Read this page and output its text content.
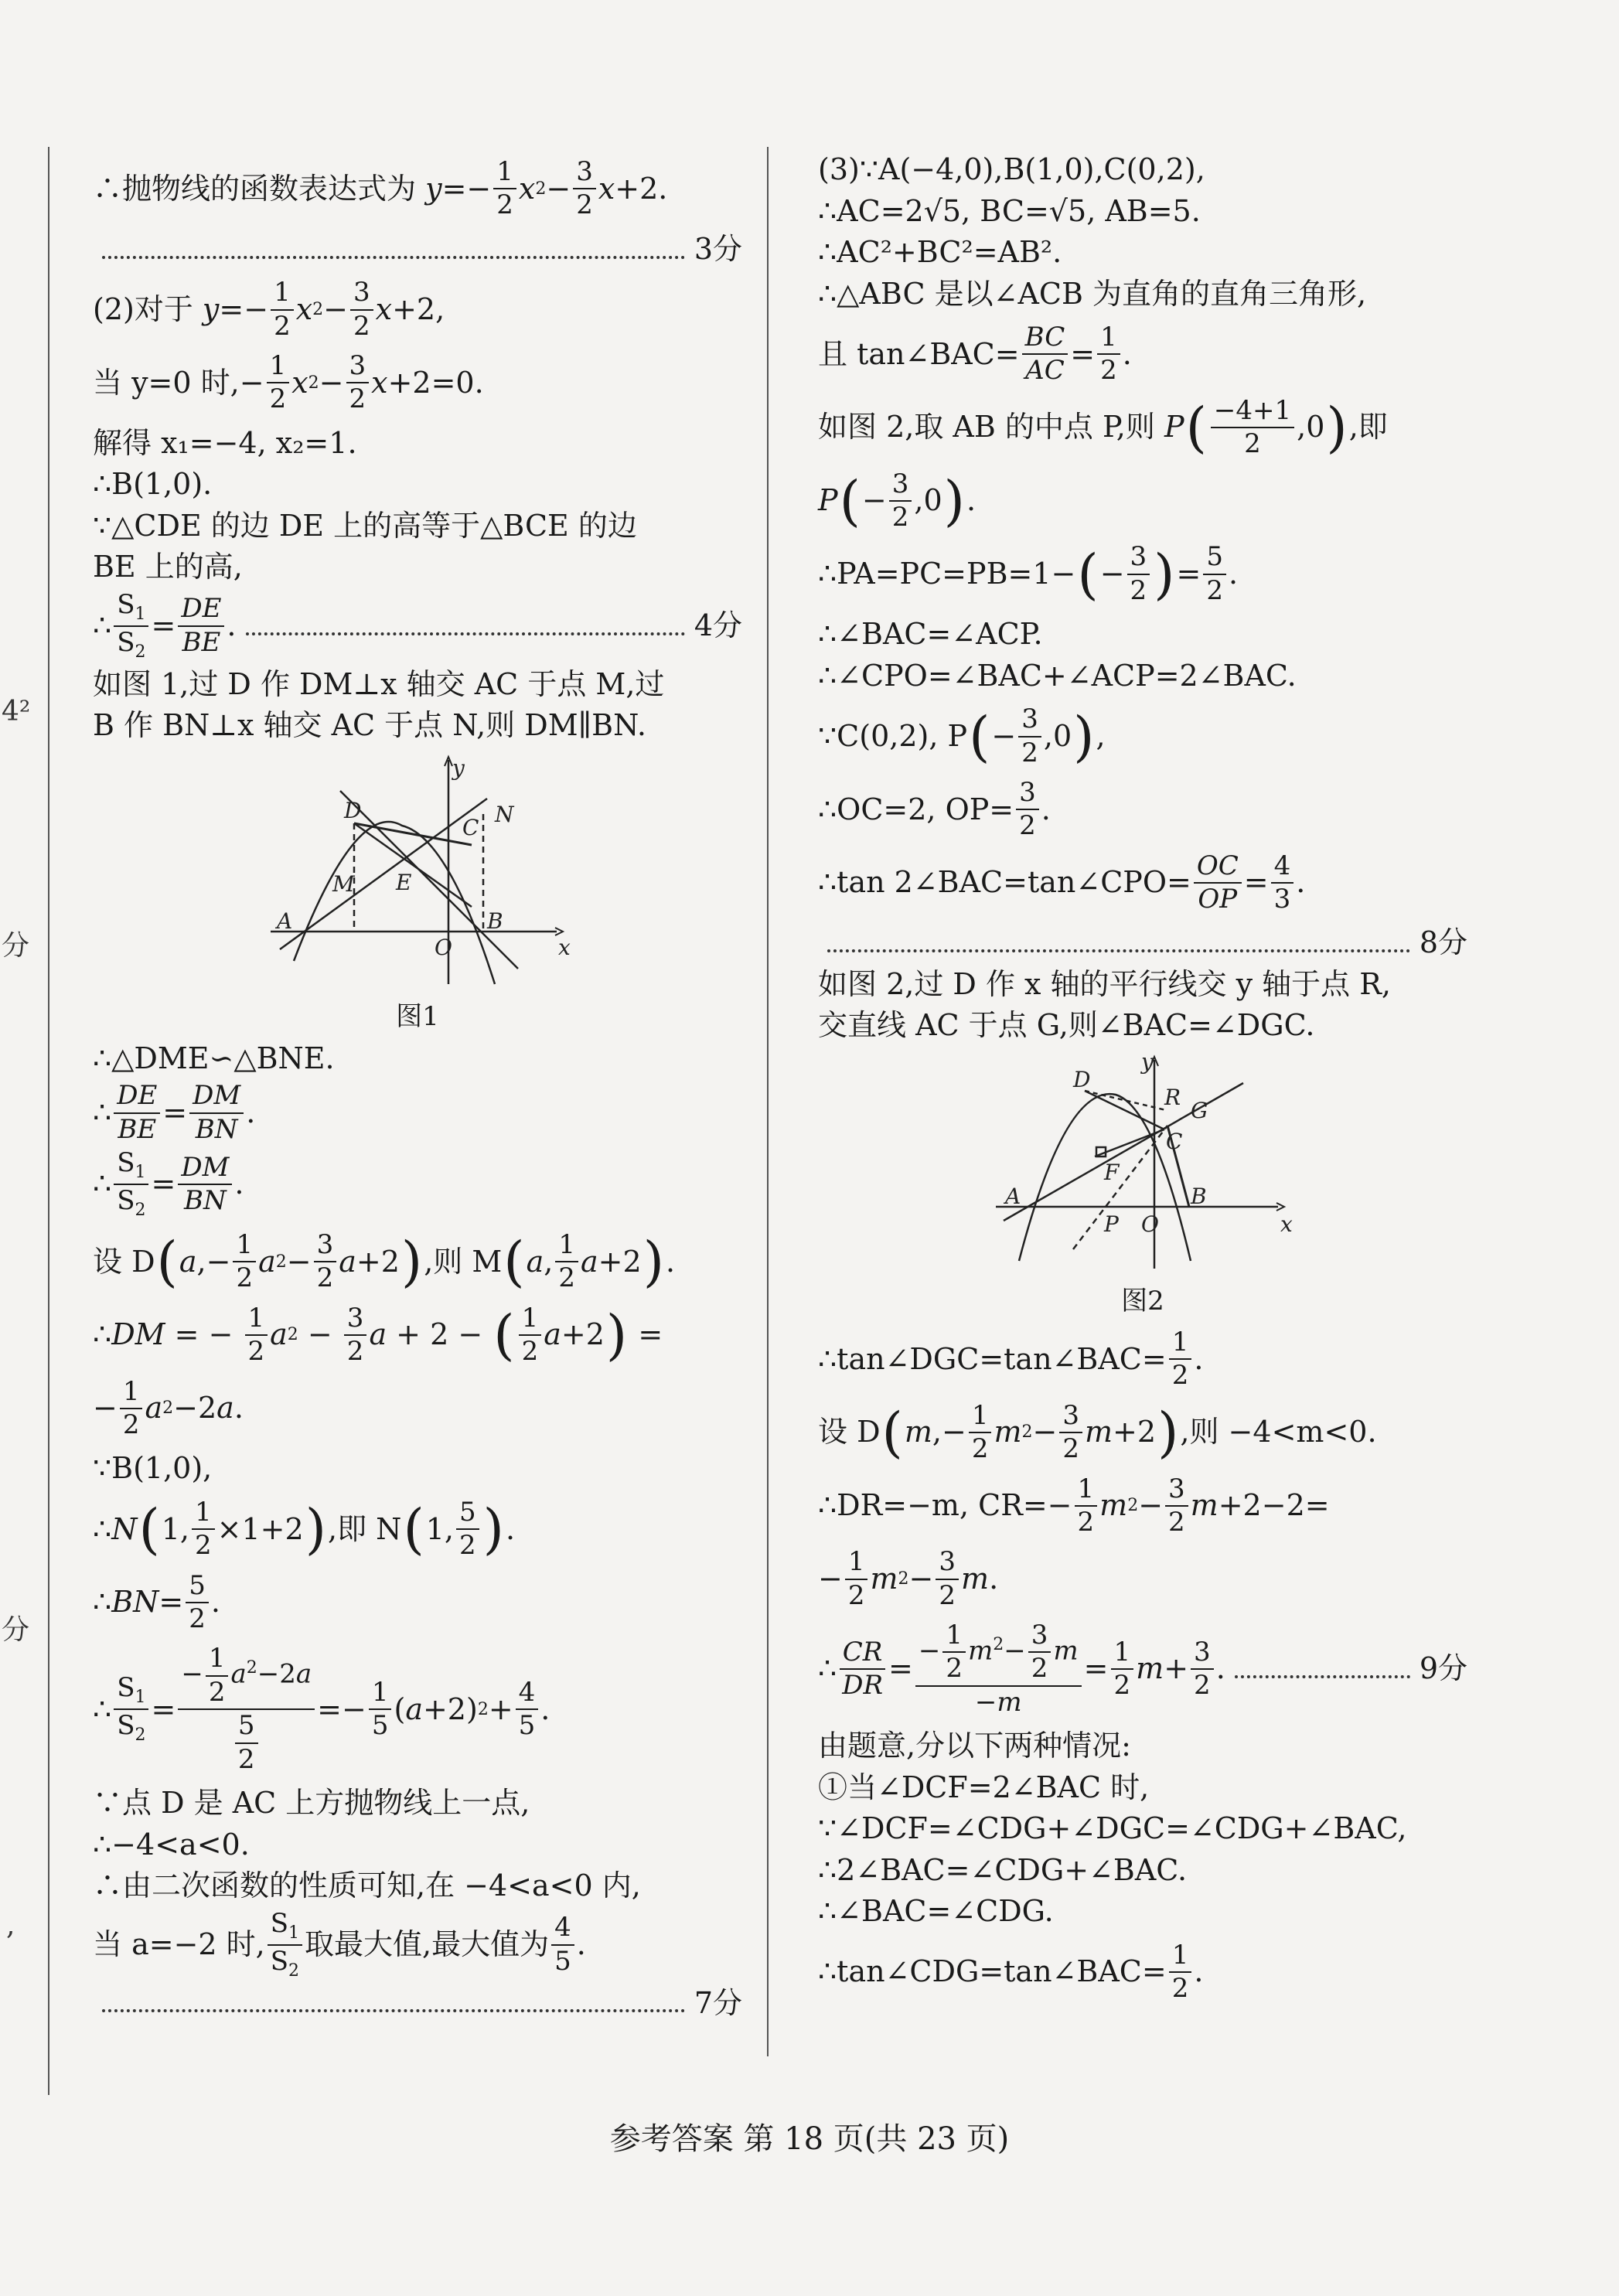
4²
分
分
,
∴抛物线的函数表达式为
$y =- \frac{1}{2}$ x $2 - \frac{3}{2}$ x +2.
3分
(2)对于
$y =- \frac{1}{2}$ x $2 - \frac{3}{2}$ x +2,
当 y=0 时, − $\frac{1}{2}$ x $2 - \frac{3}{2}$ x +2=0.
解得 x₁=−4, x₂=1.
∴B(1,0).
∵△CDE 的边 DE 上的高等于△BCE 的边
BE 上的高,
∴ $\frac{S_1}{S_2} = \frac{DE}{BE}$ .	4分
如图 1,过 D 作 DM⊥x 轴交 AC 于点 M,过
B 作 BN⊥x 轴交 AC 于点 N,则 DM∥BN.
y
x
D
C
N
M E
A	B
O
图1
∴△DME∽△BNE.
∴ $\frac{DE}{BE} = \frac{DM}{BN}$ .
∴ $\frac{S_1}{S_2} = \frac{DM}{BN}$ .
设 D ( a ,− $\frac{1}{2}$ a $2 - \frac{3}{2}$ a +2 ) ,则 M ( a , $\frac{1}{2}$ a +2 ) .
∴ DM = − $\frac{1}{2}$ a $2 - \frac{3}{2}$ a + 2 − ( $\frac{1}{2}$ a +2 ) =
− $\frac{1}{2}$ a 2 −2 a .
∵B(1,0),
∴ N ( 1, $\frac{1}{2} \times 1+2$ ) ,即 N ( 1, $\frac{5}{2}$ ) .
∴ BN = $\frac{5}{2}$ .
∴ $\frac{S_1}{S_2} = \frac{- \frac{1}{2} a^2-2a}{\frac{5}{2}} =- \frac{1}{5}$ ( a +2) $2 + \frac{4}{5}$ .
∵点 D 是 AC 上方抛物线上一点,
∴−4<a<0.
∴由二次函数的性质可知,在 −4<a<0 内,
当 a=−2 时, $\frac{S_1}{S_2}$ 取最大值,最大值为 $\frac{4}{5}$ .
7分
(3)∵A(−4,0),B(1,0),C(0,2),
∴AC=2√5, BC=√5, AB=5.
∴AC²+BC²=AB².
∴△ABC 是以∠ACB 为直角的直角三角形,
且 tan∠BAC= $\frac{BC}{AC} = \frac{1}{2}$ .
如图 2,取 AB 的中点 P,则
P ( $\frac{-4+1}{2} ,0$ ) ,即
P ( − $\frac{3}{2} ,0$ ) .
∴PA=PC=PB=1− ( − $\frac{3}{2}$ ) = $\frac{5}{2}$ .
∴∠BAC=∠ACP.
∴∠CPO=∠BAC+∠ACP=2∠BAC.
∵C(0,2), P ( − $\frac{3}{2} ,0$ ) ,
∴OC=2, $OP= \frac{3}{2}$ .
∴tan 2∠BAC=tan∠CPO= $\frac{OC}{OP} = \frac{4}{3}$ .
8分
如图 2,过 D 作 x 轴的平行线交 y 轴于点 R,
交直线 AC 于点 G,则∠BAC=∠DGC.
y
x
D
R
G
C
F
A	B
P O
图2
∴tan∠DGC=tan∠BAC= $\frac{1}{2}$ .
设 D ( m ,− $\frac{1}{2}$ m $2 - \frac{3}{2}$ m +2 ) ,则 −4<m<0.
∴DR=−m, $CR= - \frac{1}{2}$ m $2 - \frac{3}{2}$ m +2−2=
− $\frac{1}{2}$ m $2 - \frac{3}{2}$ m .
∴ $\frac{CR}{DR} = \frac{- \frac{1}{2} m^2- \frac{3}{2} m}{-m} = \frac{1}{2}$ $m + \frac{3}{2}$ .	9分
由题意,分以下两种情况:
①当∠DCF=2∠BAC 时,
∵∠DCF=∠CDG+∠DGC=∠CDG+∠BAC,
∴2∠BAC=∠CDG+∠BAC.
∴∠BAC=∠CDG.
∴tan∠CDG=tan∠BAC= $\frac{1}{2}$ .
参考答案 第 18 页(共 23 页)
